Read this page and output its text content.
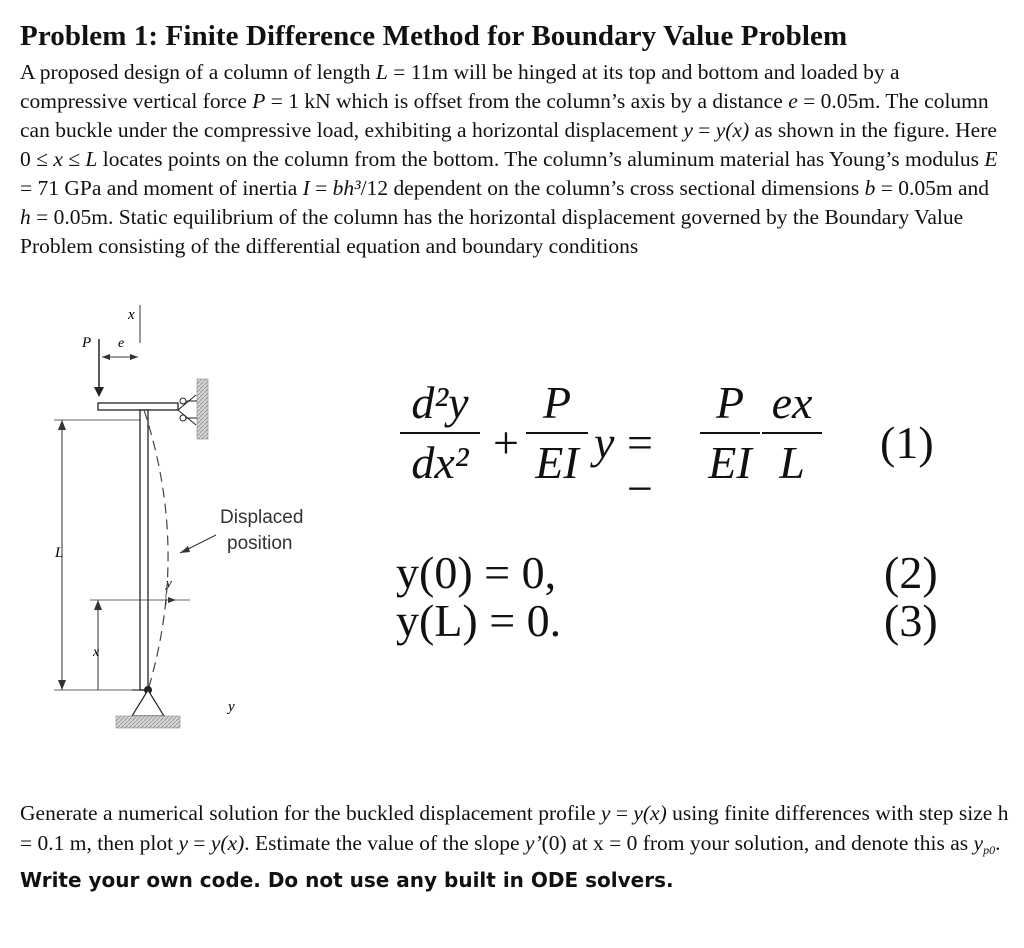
Problem 1: Finite Difference Method for Boundary Value Problem

A proposed design of a column of length L = 11m will be hinged at its top and bottom and loaded by a compressive vertical force P = 1 kN which is offset from the column’s axis by a distance e = 0.05m. The column can buckle under the compressive load, exhibiting a horizontal displacement y = y(x) as shown in the figure. Here 0 ≤ x ≤ L locates points on the column from the bottom. The column’s aluminum material has Young’s modulus E = 71 GPa and moment of inertia I = bh³/12 dependent on the column’s cross sectional dimensions b = 0.05m and h = 0.05m. Static equilibrium of the column has the horizontal displacement governed by the Boundary Value Problem consisting of the differential equation and boundary conditions

x
P e
L
x
y
Displaced
position
y
d²y
dx² +
P
EI y = −
P
EI
ex
L	(1)
y(0) = 0,	(2)
y(L) = 0.	(3)

Generate a numerical solution for the buckled displacement profile y = y(x) using finite differences with step size h = 0.1 m, then plot y = y(x). Estimate the value of the slope y’(0) at x = 0 from your solution, and denote this as $y_{p0}$. Write your own code. Do not use any built in ODE solvers.
